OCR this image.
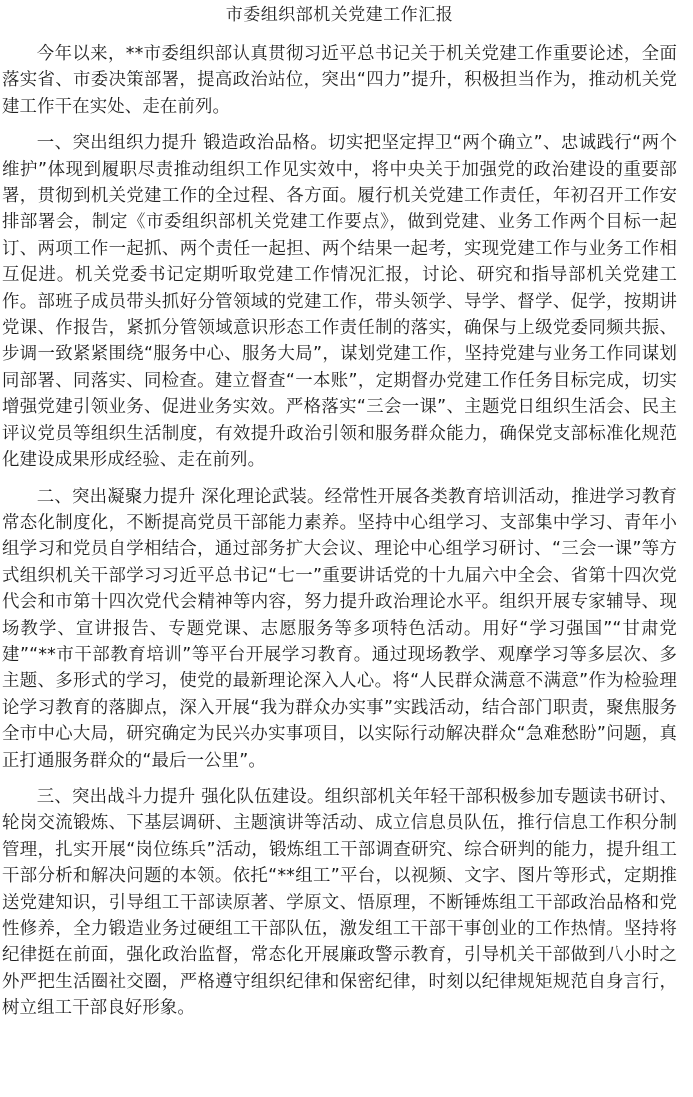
市委组织部机关党建工作汇报

今年以来，**市委组织部认真贯彻习近平总书记关于机关党建工作重要论述，全面落实省、市委决策部署，提高政治站位，突出“四力”提升，积极担当作为，推动机关党建工作干在实处、走在前列。

一、突出组织力提升 锻造政治品格。切实把坚定捍卫“两个确立”、忠诚践行“两个维护”体现到履职尽责推动组织工作见实效中，将中央关于加强党的政治建设的重要部署，贯彻到机关党建工作的全过程、各方面。履行机关党建工作责任，年初召开工作安排部署会，制定《市委组织部机关党建工作要点》，做到党建、业务工作两个目标一起订、两项工作一起抓、两个责任一起担、两个结果一起考，实现党建工作与业务工作相互促进。机关党委书记定期听取党建工作情况汇报，讨论、研究和指导部机关党建工作。部班子成员带头抓好分管领域的党建工作，带头领学、导学、督学、促学，按期讲党课、作报告，紧抓分管领域意识形态工作责任制的落实，确保与上级党委同频共振、步调一致紧紧围绕“服务中心、服务大局”，谋划党建工作，坚持党建与业务工作同谋划同部署、同落实、同检查。建立督查“一本账”，定期督办党建工作任务目标完成，切实增强党建引领业务、促进业务实效。严格落实“三会一课”、主题党日组织生活会、民主评议党员等组织生活制度，有效提升政治引领和服务群众能力，确保党支部标准化规范化建设成果形成经验、走在前列。

二、突出凝聚力提升 深化理论武装。经常性开展各类教育培训活动，推进学习教育常态化制度化，不断提高党员干部能力素养。坚持中心组学习、支部集中学习、青年小组学习和党员自学相结合，通过部务扩大会议、理论中心组学习研讨、“三会一课”等方式组织机关干部学习习近平总书记“七一”重要讲话党的十九届六中全会、省第十四次党代会和市第十四次党代会精神等内容，努力提升政治理论水平。组织开展专家辅导、现场教学、宣讲报告、专题党课、志愿服务等多项特色活动。用好“学习强国”“甘肃党建”“**市干部教育培训”等平台开展学习教育。通过现场教学、观摩学习等多层次、多主题、多形式的学习，使党的最新理论深入人心。将“人民群众满意不满意”作为检验理论学习教育的落脚点，深入开展“我为群众办实事”实践活动，结合部门职责，聚焦服务全市中心大局，研究确定为民兴办实事项目，以实际行动解决群众“急难愁盼”问题，真正打通服务群众的“最后一公里”。

三、突出战斗力提升 强化队伍建设。组织部机关年轻干部积极参加专题读书研讨、轮岗交流锻炼、下基层调研、主题演讲等活动、成立信息员队伍，推行信息工作积分制管理，扎实开展“岗位练兵”活动，锻炼组工干部调查研究、综合研判的能力，提升组工干部分析和解决问题的本领。依托“**组工”平台，以视频、文字、图片等形式，定期推送党建知识，引导组工干部读原著、学原文、悟原理，不断锤炼组工干部政治品格和党性修养，全力锻造业务过硬组工干部队伍，激发组工干部干事创业的工作热情。坚持将纪律挺在前面，强化政治监督，常态化开展廉政警示教育，引导机关干部做到八小时之外严把生活圈社交圈，严格遵守组织纪律和保密纪律，时刻以纪律规矩规范自身言行，树立组工干部良好形象。
